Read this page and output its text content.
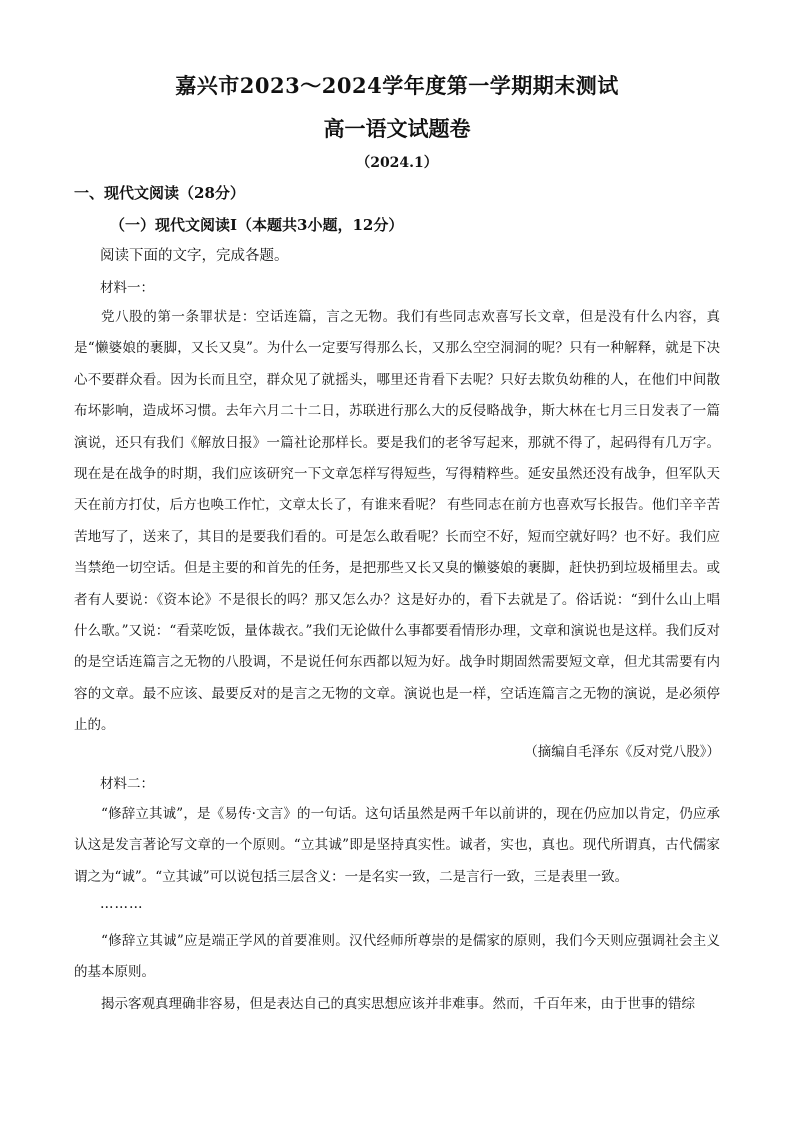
嘉兴市2023～2024学年度第一学期期末测试
高一语文试题卷
（2024.1）
一、现代文阅读（28分）
（一）现代文阅读Ⅰ（本题共3小题，12分）
阅读下面的文字，完成各题。
材料一：

党八股的第一条罪状是：空话连篇，言之无物。我们有些同志欢喜写长文章，但是没有什么内容，真是“懒婆娘的裹脚，又长又臭”。为什么一定要写得那么长，又那么空空洞洞的呢？只有一种解释，就是下决心不要群众看。因为长而且空，群众见了就摇头，哪里还肯看下去呢？只好去欺负幼稚的人，在他们中间散布坏影响，造成坏习惯。去年六月二十二日，苏联进行那么大的反侵略战争，斯大林在七月三日发表了一篇演说，还只有我们《解放日报》一篇社论那样长。要是我们的老爷写起来，那就不得了，起码得有几万字。现在是在战争的时期，我们应该研究一下文章怎样写得短些，写得精粹些。延安虽然还没有战争，但军队天天在前方打仗，后方也唤工作忙，文章太长了，有谁来看呢？ 有些同志在前方也喜欢写长报告。他们辛辛苦苦地写了，送来了，其目的是要我们看的。可是怎么敢看呢？长而空不好，短而空就好吗？也不好。我们应当禁绝一切空话。但是主要的和首先的任务，是把那些又长又臭的懒婆娘的裹脚，赶快扔到垃圾桶里去。或者有人要说：《资本论》不是很长的吗？那又怎么办？这是好办的，看下去就是了。俗话说：“到什么山上唱什么歌。”又说：“看菜吃饭，量体裁衣。”我们无论做什么事都要看情形办理，文章和演说也是这样。我们反对的是空话连篇言之无物的八股调，不是说任何东西都以短为好。战争时期固然需要短文章，但尤其需要有内容的文章。最不应该、最要反对的是言之无物的文章。演说也是一样，空话连篇言之无物的演说，是必须停止的。

（摘编自毛泽东《反对党八股》）
材料二：

“修辞立其诚”，是《易传·文言》的一句话。这句话虽然是两千年以前讲的，现在仍应加以肯定，仍应承认这是发言著论写文章的一个原则。“立其诚”即是坚持真实性。诚者，实也，真也。现代所谓真，古代儒家谓之为“诚”。“立其诚”可以说包括三层含义：一是名实一致，二是言行一致，三是表里一致。

………

“修辞立其诚”应是端正学风的首要准则。汉代经师所尊崇的是儒家的原则，我们今天则应强调社会主义的基本原则。

揭示客观真理确非容易，但是表达自己的真实思想应该并非难事。然而，千百年来，由于世事的错综
